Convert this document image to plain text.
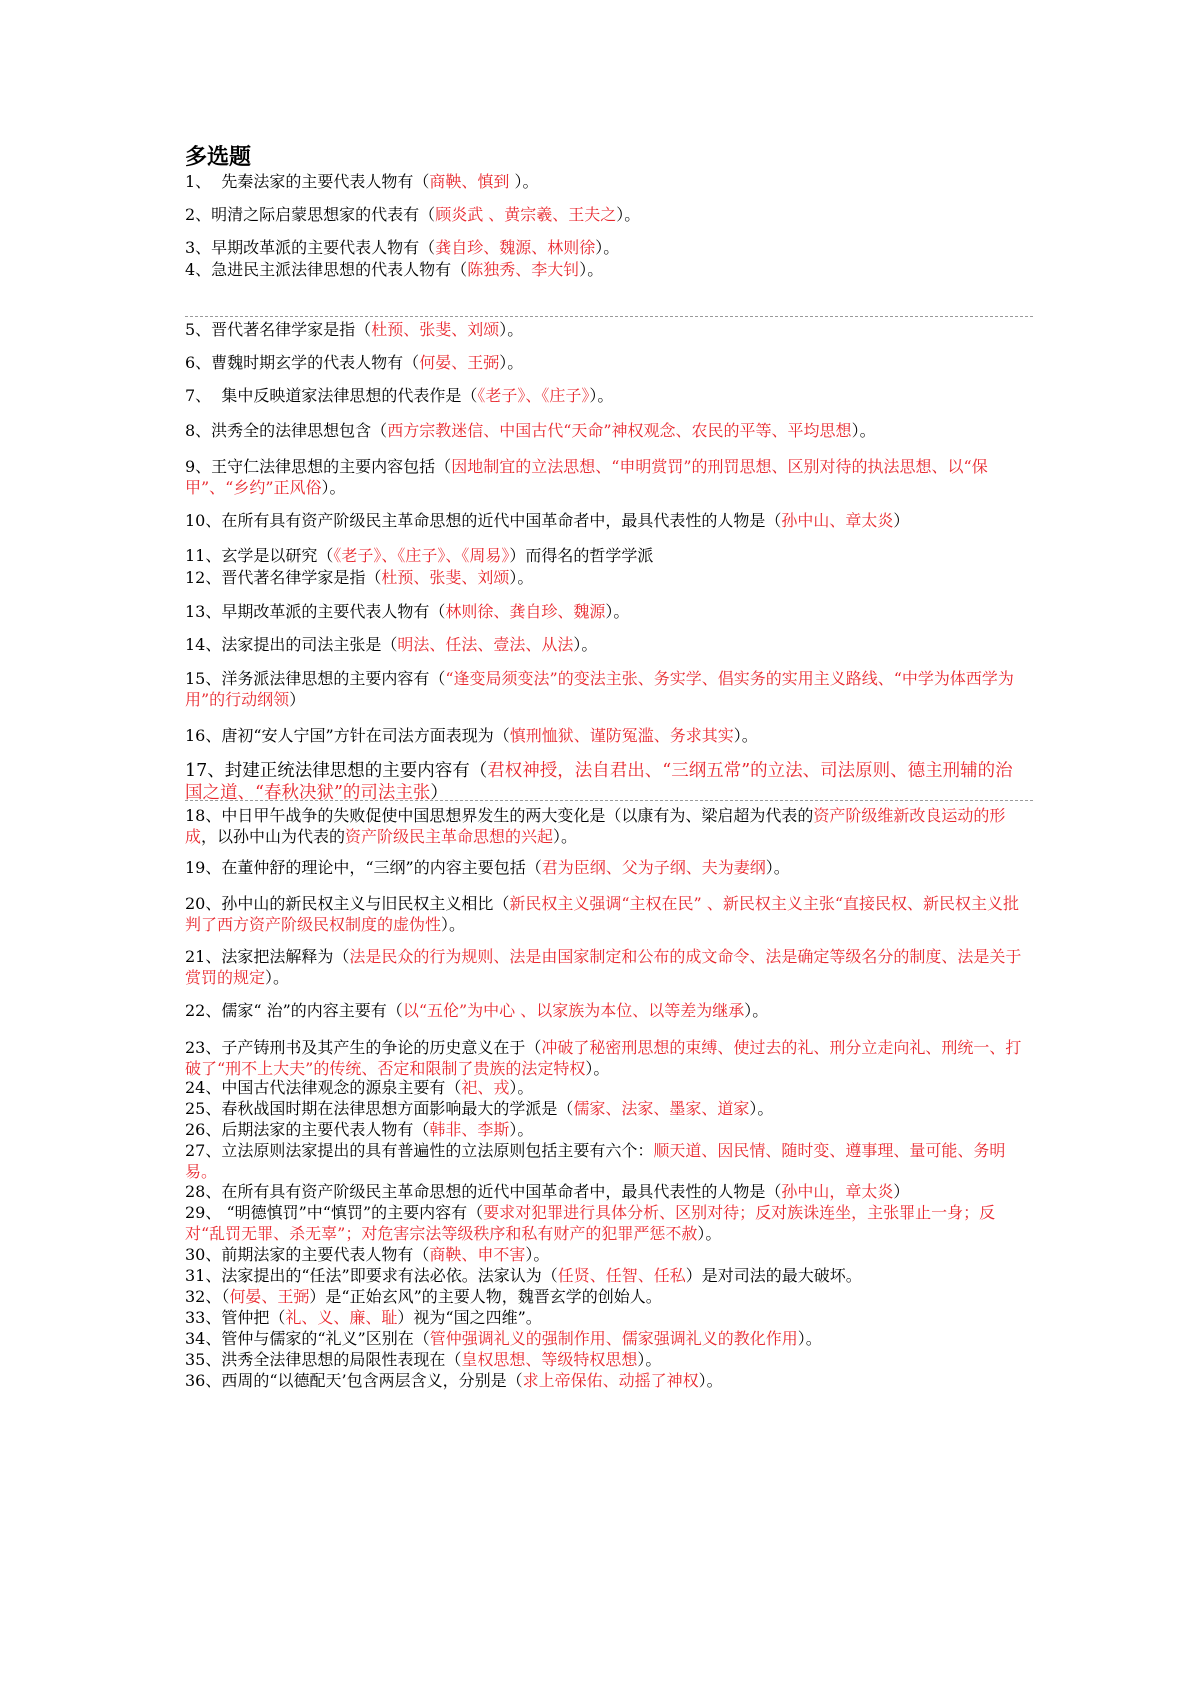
多选题
1、  先秦法家的主要代表人物有（商鞅、慎到 ）。
2、明清之际启蒙思想家的代表有（顾炎武 、黄宗羲、王夫之）。
3、早期改革派的主要代表人物有（龚自珍、魏源、林则徐）。
4、急进民主派法律思想的代表人物有（陈独秀、李大钊）。
5、晋代著名律学家是指（杜预、张斐、刘颂）。
6、曹魏时期玄学的代表人物有（何晏、王弼）。
7、  集中反映道家法律思想的代表作是（《老子》、《庄子》）。
8、洪秀全的法律思想包含（西方宗教迷信、中国古代“天命”神权观念、农民的平等、平均思想）。
9、王守仁法律思想的主要内容包括（因地制宜的立法思想、“申明赏罚”的刑罚思想、区别对待的执法思想、以“保甲”、“乡约”正风俗）。
10、在所有具有资产阶级民主革命思想的近代中国革命者中，最具代表性的人物是（孙中山、章太炎）
11、玄学是以研究（《老子》、《庄子》、《周易》）而得名的哲学学派
12、晋代著名律学家是指（杜预、张斐、刘颂）。
13、早期改革派的主要代表人物有（林则徐、龚自珍、魏源）。
14、法家提出的司法主张是（明法、任法、壹法、从法）。
15、洋务派法律思想的主要内容有（“逢变局须变法”的变法主张、务实学、倡实务的实用主义路线、“中学为体西学为用”的行动纲领）
16、唐初“安人宁国”方针在司法方面表现为（慎刑恤狱、谨防冤滥、务求其实）。
17、封建正统法律思想的主要内容有（君权神授，法自君出、“三纲五常”的立法、司法原则、德主刑辅的治国之道、“春秋决狱”的司法主张）
18、中日甲午战争的失败促使中国思想界发生的两大变化是（以康有为、梁启超为代表的资产阶级维新改良运动的形成，以孙中山为代表的资产阶级民主革命思想的兴起）。
19、在董仲舒的理论中，“三纲”的内容主要包括（君为臣纲、父为子纲、夫为妻纲）。
20、孙中山的新民权主义与旧民权主义相比（新民权主义强调“主权在民” 、新民权主义主张“直接民权、新民权主义批判了西方资产阶级民权制度的虚伪性）。
21、法家把法解释为（法是民众的行为规则、法是由国家制定和公布的成文命令、法是确定等级名分的制度、法是关于赏罚的规定）。
22、儒家“ 治”的内容主要有（以“五伦”为中心 、以家族为本位、以等差为继承）。
23、子产铸刑书及其产生的争论的历史意义在于（冲破了秘密刑思想的束缚、使过去的礼、刑分立走向礼、刑统一、打破了“刑不上大夫”的传统、否定和限制了贵族的法定特权）。
24、中国古代法律观念的源泉主要有（祀、戎）。
25、春秋战国时期在法律思想方面影响最大的学派是（儒家、法家、墨家、道家）。
26、后期法家的主要代表人物有（韩非、李斯）。
27、立法原则法家提出的具有普遍性的立法原则包括主要有六个：顺天道、因民情、随时变、遵事理、量可能、务明易。
28、在所有具有资产阶级民主革命思想的近代中国革命者中，最具代表性的人物是（孙中山，章太炎）
29、 “明德慎罚”中“慎罚”的主要内容有（要求对犯罪进行具体分析、区别对待；反对族诛连坐，主张罪止一身；反对“乱罚无罪、杀无辜”；对危害宗法等级秩序和私有财产的犯罪严惩不赦）。
30、前期法家的主要代表人物有（商鞅、申不害）。
31、法家提出的“任法”即要求有法必依。法家认为（任贤、任智、任私）是对司法的最大破坏。
32、（何晏、王弼）是“正始玄风”的主要人物，魏晋玄学的创始人。
33、管仲把（礼、义、廉、耻）视为“国之四维”。
34、管仲与儒家的“礼义”区别在（管仲强调礼义的强制作用、儒家强调礼义的教化作用）。
35、洪秀全法律思想的局限性表现在（皇权思想、等级特权思想）。
36、西周的“以德配天’包含两层含义，分别是（求上帝保佑、动摇了神权）。
